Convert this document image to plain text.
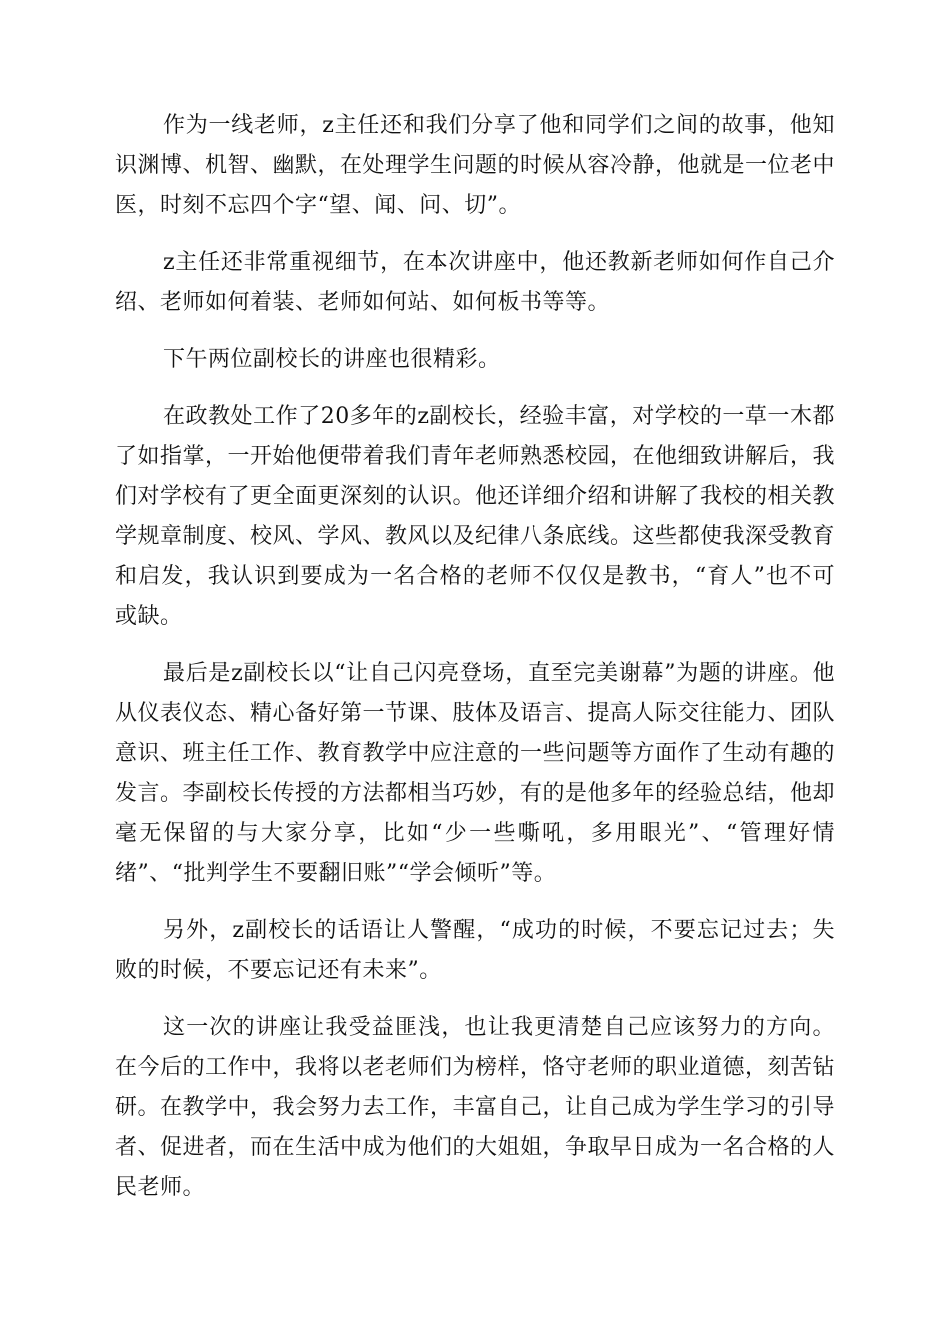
作为一线老师，z主任还和我们分享了他和同学们之间的故事，他知识渊博、机智、幽默，在处理学生问题的时候从容冷静，他就是一位老中医，时刻不忘四个字“望、闻、问、切”。

z主任还非常重视细节，在本次讲座中，他还教新老师如何作自己介绍、老师如何着装、老师如何站、如何板书等等。

下午两位副校长的讲座也很精彩。

在政教处工作了20多年的z副校长，经验丰富，对学校的一草一木都了如指掌，一开始他便带着我们青年老师熟悉校园，在他细致讲解后，我们对学校有了更全面更深刻的认识。他还详细介绍和讲解了我校的相关教学规章制度、校风、学风、教风以及纪律八条底线。这些都使我深受教育和启发，我认识到要成为一名合格的老师不仅仅是教书，“育人”也不可或缺。

最后是z副校长以“让自己闪亮登场，直至完美谢幕”为题的讲座。他从仪表仪态、精心备好第一节课、肢体及语言、提高人际交往能力、团队意识、班主任工作、教育教学中应注意的一些问题等方面作了生动有趣的发言。李副校长传授的方法都相当巧妙，有的是他多年的经验总结，他却毫无保留的与大家分享，比如“少一些嘶吼，多用眼光”、“管理好情绪”、“批判学生不要翻旧账”“学会倾听”等。

另外，z副校长的话语让人警醒，“成功的时候，不要忘记过去；失败的时候，不要忘记还有未来”。

这一次的讲座让我受益匪浅，也让我更清楚自己应该努力的方向。在今后的工作中，我将以老老师们为榜样，恪守老师的职业道德，刻苦钻研。在教学中，我会努力去工作，丰富自己，让自己成为学生学习的引导者、促进者，而在生活中成为他们的大姐姐，争取早日成为一名合格的人民老师。
